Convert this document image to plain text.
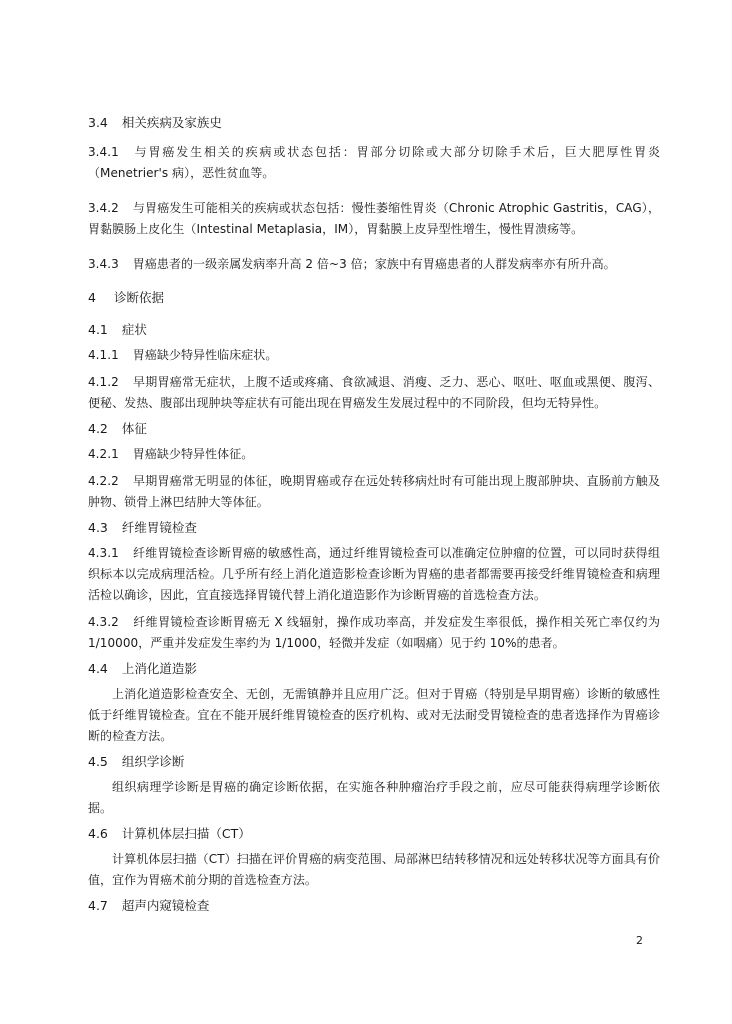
3.4 相关疾病及家族史
3.4.1 与胃癌发生相关的疾病或状态包括：胃部分切除或大部分切除手术后，巨大肥厚性胃炎（Menetrier's 病），恶性贫血等。
3.4.2 与胃癌发生可能相关的疾病或状态包括：慢性萎缩性胃炎（Chronic Atrophic Gastritis，CAG），胃黏膜肠上皮化生（Intestinal Metaplasia，IM），胃黏膜上皮异型性增生，慢性胃溃疡等。
3.4.3 胃癌患者的一级亲属发病率升高 2 倍~3 倍；家族中有胃癌患者的人群发病率亦有所升高。
4 诊断依据
4.1 症状
4.1.1 胃癌缺少特异性临床症状。
4.1.2 早期胃癌常无症状，上腹不适或疼痛、食欲减退、消瘦、乏力、恶心、呕吐、呕血或黑便、腹泻、便秘、发热、腹部出现肿块等症状有可能出现在胃癌发生发展过程中的不同阶段，但均无特异性。
4.2 体征
4.2.1 胃癌缺少特异性体征。
4.2.2 早期胃癌常无明显的体征，晚期胃癌或存在远处转移病灶时有可能出现上腹部肿块、直肠前方触及肿物、锁骨上淋巴结肿大等体征。
4.3 纤维胃镜检查
4.3.1 纤维胃镜检查诊断胃癌的敏感性高，通过纤维胃镜检查可以准确定位肿瘤的位置，可以同时获得组织标本以完成病理活检。几乎所有经上消化道造影检查诊断为胃癌的患者都需要再接受纤维胃镜检查和病理活检以确诊，因此，宜直接选择胃镜代替上消化道造影作为诊断胃癌的首选检查方法。
4.3.2 纤维胃镜检查诊断胃癌无 X 线辐射，操作成功率高，并发症发生率很低，操作相关死亡率仅约为 1/10000，严重并发症发生率约为 1/1000，轻微并发症（如咽痛）见于约 10%的患者。
4.4 上消化道造影
上消化道造影检查安全、无创，无需镇静并且应用广泛。但对于胃癌（特别是早期胃癌）诊断的敏感性低于纤维胃镜检查。宜在不能开展纤维胃镜检查的医疗机构、或对无法耐受胃镜检查的患者选择作为胃癌诊断的检查方法。
4.5 组织学诊断
组织病理学诊断是胃癌的确定诊断依据，在实施各种肿瘤治疗手段之前，应尽可能获得病理学诊断依据。
4.6 计算机体层扫描（CT）
计算机体层扫描（CT）扫描在评价胃癌的病变范围、局部淋巴结转移情况和远处转移状况等方面具有价值，宜作为胃癌术前分期的首选检查方法。
4.7 超声内窥镜检查
2
